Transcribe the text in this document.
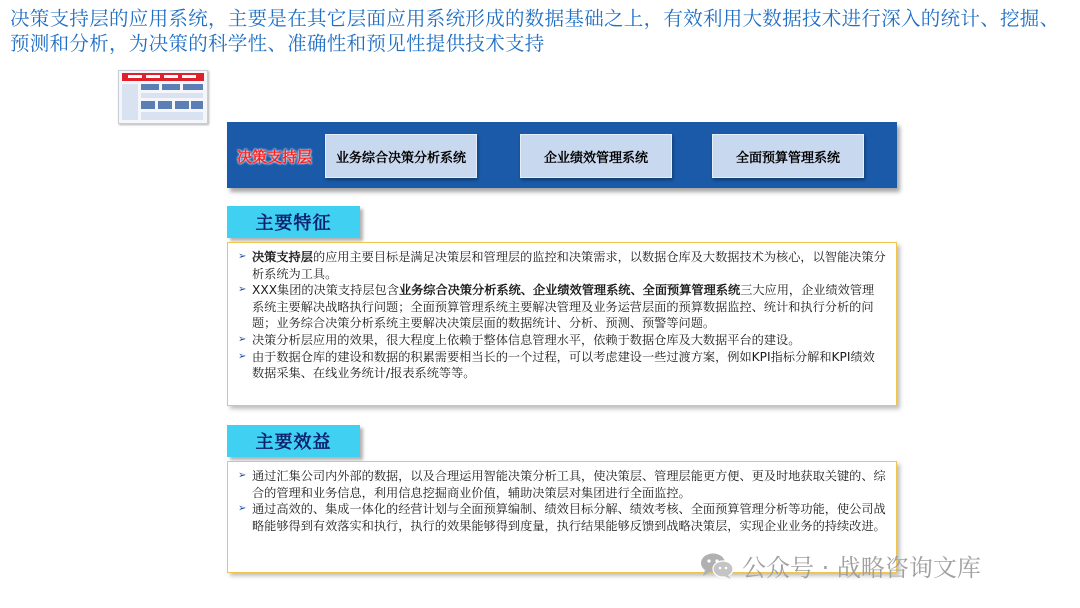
决策支持层的应用系统，主要是在其它层面应用系统形成的数据基础之上，有效利用大数据技术进行深入的统计、挖掘、预测和分析，为决策的科学性、准确性和预见性提供技术支持
决策支持层	业务综合决策分析系统	企业绩效管理系统	全面预算管理系统
主要特征
➢ 决策支持层的应用主要目标是满足决策层和管理层的监控和决策需求，以数据仓库及大数据技术为核心，以智能决策分析系统为工具。
➢ XXX集团的决策支持层包含业务综合决策分析系统、企业绩效管理系统、全面预算管理系统三大应用，企业绩效管理系统主要解决战略执行问题；全面预算管理系统主要解决管理及业务运营层面的预算数据监控、统计和执行分析的问题；业务综合决策分析系统主要解决决策层面的数据统计、分析、预测、预警等问题。
➢ 决策分析层应用的效果，很大程度上依赖于整体信息管理水平，依赖于数据仓库及大数据平台的建设。
➢ 由于数据仓库的建设和数据的积累需要相当长的一个过程，可以考虑建设一些过渡方案，例如KPI指标分解和KPI绩效数据采集、在线业务统计/报表系统等等。
主要效益
➢ 通过汇集公司内外部的数据，以及合理运用智能决策分析工具，使决策层、管理层能更方便、更及时地获取关键的、综合的管理和业务信息，利用信息挖掘商业价值，辅助决策层对集团进行全面监控。
➢ 通过高效的、集成一体化的经营计划与全面预算编制、绩效目标分解、绩效考核、全面预算管理分析等功能，使公司战略能够得到有效落实和执行，执行的效果能够得到度量，执行结果能够反馈到战略决策层，实现企业业务的持续改进。
公众号 · 战略咨询文库
